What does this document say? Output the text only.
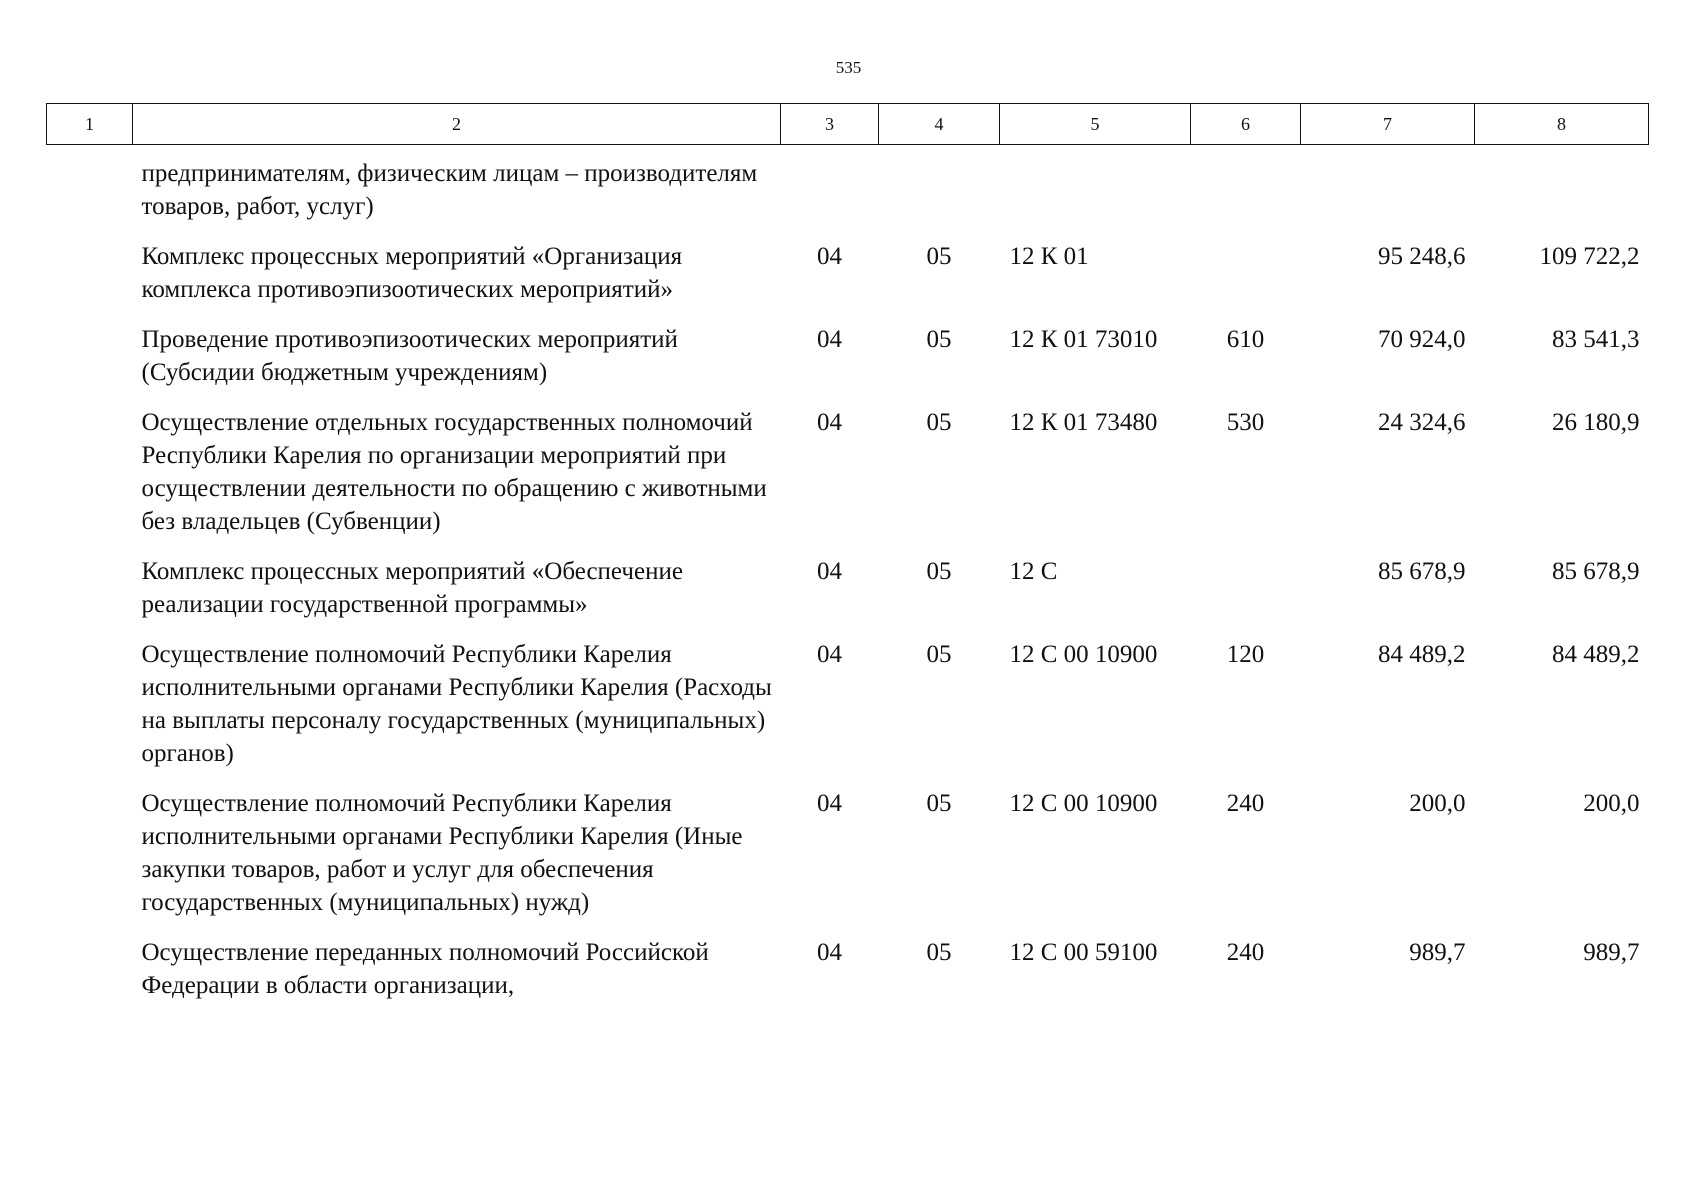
535
1	2	3	4	5	6	7	8
	предпринимателям, физическим лицам – производителям товаров, работ, услуг)						
	Комплекс процессных мероприятий «Организация комплекса противоэпизоотических мероприятий»	04	05	12 К 01		95 248,6	109 722,2
	Проведение противоэпизоотических мероприятий (Субсидии бюджетным учреждениям)	04	05	12 К 01 73010	610	70 924,0	83 541,3
	Осуществление отдельных государственных полномочий Республики Карелия по организации мероприятий при осуществлении деятельности по обращению с животными без владельцев (Субвенции)	04	05	12 К 01 73480	530	24 324,6	26 180,9
	Комплекс процессных мероприятий «Обеспечение реализации государственной программы»	04	05	12 С		85 678,9	85 678,9
	Осуществление полномочий Республики Карелия исполнительными органами Республики Карелия (Расходы на выплаты персоналу государственных (муниципальных) органов)	04	05	12 С 00 10900	120	84 489,2	84 489,2
	Осуществление полномочий Республики Карелия исполнительными органами Республики Карелия (Иные закупки товаров, работ и услуг для обеспечения государственных (муниципальных) нужд)	04	05	12 С 00 10900	240	200,0	200,0
	Осуществление переданных полномочий Российской Федерации в области организации,	04	05	12 С 00 59100	240	989,7	989,7
